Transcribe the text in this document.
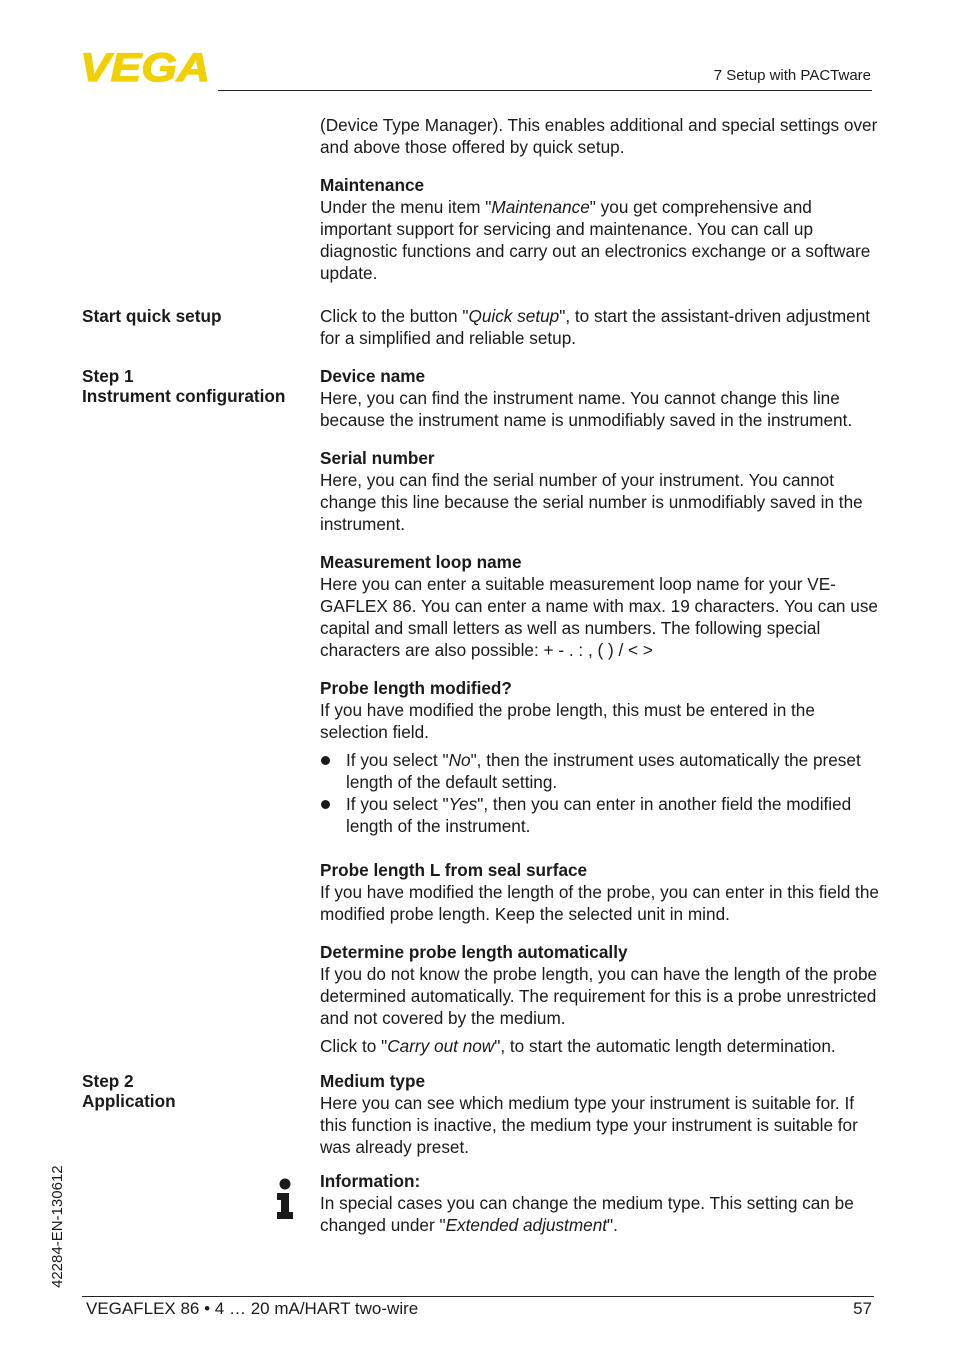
VEGA	7 Setup with PACTware
Start quick setup
Step 1
Instrument configuration
Step 2
Application

(Device Type Manager). This enables additional and special settings over and above those offered by quick setup.

Maintenance

Under the menu item "Maintenance" you get comprehensive and important support for servicing and maintenance. You can call up diagnostic functions and carry out an electronics exchange or a software update.

Click to the button "Quick setup", to start the assistant-driven adjustment for a simplified and reliable setup.

Device name

Here, you can find the instrument name. You cannot change this line because the instrument name is unmodifiably saved in the instrument.

Serial number

Here, you can find the serial number of your instrument. You cannot change this line because the serial number is unmodifiably saved in the instrument.

Measurement loop name

Here you can enter a suitable measurement loop name for your VEGAFLEX 86. You can enter a name with max. 19 characters. You can use capital and small letters as well as numbers. The following special characters are also possible: + - . : , ( ) / < >

Probe length modified?

If you have modified the probe length, this must be entered in the selection field.

If you select "No", then the instrument uses automatically the preset length of the default setting.
If you select "Yes", then you can enter in another field the modified length of the instrument.

Probe length L from seal surface

If you have modified the length of the probe, you can enter in this field the modified probe length. Keep the selected unit in mind.

Determine probe length automatically

If you do not know the probe length, you can have the length of the probe determined automatically. The requirement for this is a probe unrestricted and not covered by the medium.

Click to "Carry out now", to start the automatic length determination.

Medium type

Here you can see which medium type your instrument is suitable for. If this function is inactive, the medium type your instrument is suitable for was already preset.

Information:

In special cases you can change the medium type. This setting can be changed under "Extended adjustment".

42284-EN-130612
VEGAFLEX 86 • 4 … 20 mA/HART two-wire	57
